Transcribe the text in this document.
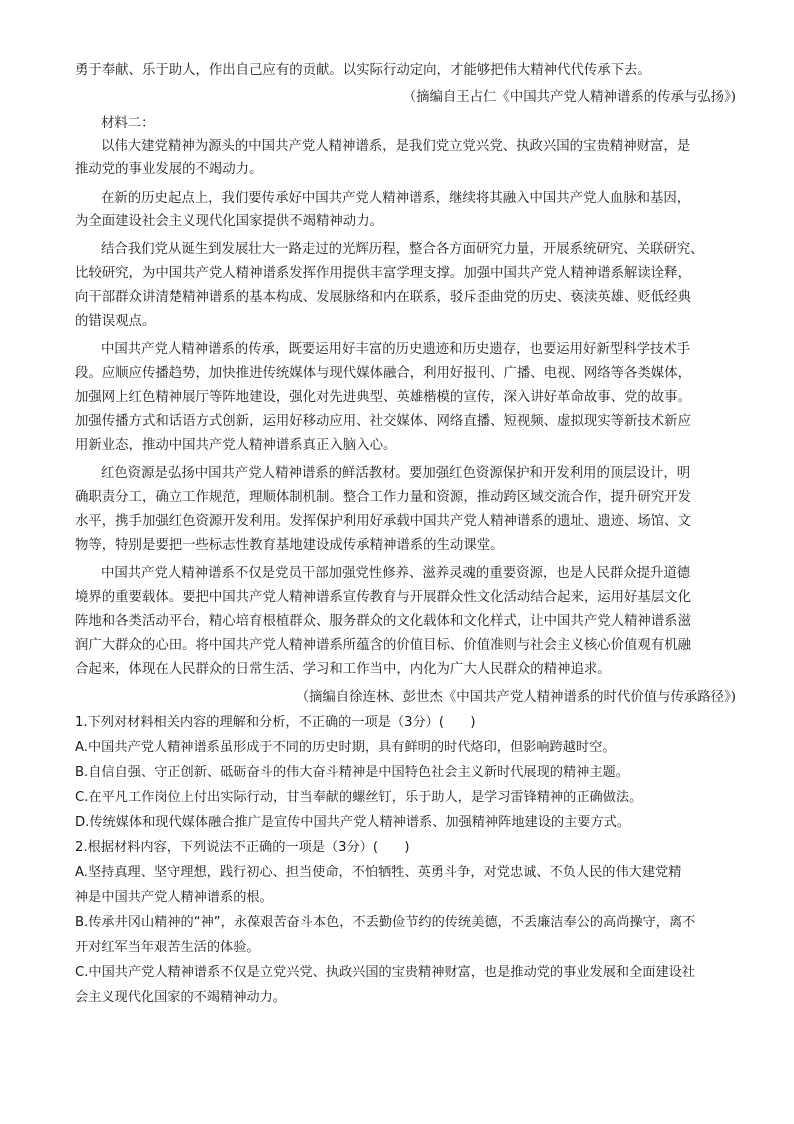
勇于奉献、乐于助人，作出自己应有的贡献。以实际行动定向，才能够把伟大精神代代传承下去。
（摘编自王占仁《中国共产党人精神谱系的传承与弘扬》)
材料二：
以伟大建党精神为源头的中国共产党人精神谱系，是我们党立党兴党、执政兴国的宝贵精神财富，是
推动党的事业发展的不竭动力。
在新的历史起点上，我们要传承好中国共产党人精神谱系，继续将其融入中国共产党人血脉和基因，
为全面建设社会主义现代化国家提供不竭精神动力。
结合我们党从诞生到发展壮大一路走过的光辉历程，整合各方面研究力量，开展系统研究、关联研究、
比较研究，为中国共产党人精神谱系发挥作用提供丰富学理支撑。加强中国共产党人精神谱系解读诠释，
向干部群众讲清楚精神谱系的基本构成、发展脉络和内在联系，驳斥歪曲党的历史、亵渎英雄、贬低经典
的错误观点。
中国共产党人精神谱系的传承，既要运用好丰富的历史遗迹和历史遗存，也要运用好新型科学技术手
段。应顺应传播趋势，加快推进传统媒体与现代媒体融合，利用好报刊、广播、电视、网络等各类媒体，
加强网上红色精神展厅等阵地建设，强化对先进典型、英雄楷模的宣传，深入讲好革命故事、党的故事。
加强传播方式和话语方式创新，运用好移动应用、社交媒体、网络直播、短视频、虚拟现实等新技术新应
用新业态，推动中国共产党人精神谱系真正入脑入心。
红色资源是弘扬中国共产党人精神谱系的鲜活教材。要加强红色资源保护和开发利用的顶层设计，明
确职责分工，确立工作规范，理顺体制机制。整合工作力量和资源，推动跨区域交流合作，提升研究开发
水平，携手加强红色资源开发利用。发挥保护利用好承载中国共产党人精神谱系的遗址、遗迹、场馆、文
物等，特别是要把一些标志性教育基地建设成传承精神谱系的生动课堂。
中国共产党人精神谱系不仅是党员干部加强党性修养、滋养灵魂的重要资源，也是人民群众提升道德
境界的重要载体。要把中国共产党人精神谱系宣传教育与开展群众性文化活动结合起来，运用好基层文化
阵地和各类活动平台，精心培育根植群众、服务群众的文化载体和文化样式，让中国共产党人精神谱系滋
润广大群众的心田。将中国共产党人精神谱系所蕴含的价值目标、价值准则与社会主义核心价值观有机融
合起来，体现在人民群众的日常生活、学习和工作当中，内化为广大人民群众的精神追求。
（摘编自徐连林、彭世杰《中国共产党人精神谱系的时代价值与传承路径》)
1.下列对材料相关内容的理解和分析，不正确的一项是（3分）(　　)
A.中国共产党人精神谱系虽形成于不同的历史时期，具有鲜明的时代烙印，但影响跨越时空。
B.自信自强、守正创新、砥砺奋斗的伟大奋斗精神是中国特色社会主义新时代展现的精神主题。
C.在平凡工作岗位上付出实际行动，甘当奉献的螺丝钉，乐于助人，是学习雷锋精神的正确做法。
D.传统媒体和现代媒体融合推广是宣传中国共产党人精神谱系、加强精神阵地建设的主要方式。
2.根据材料内容，下列说法不正确的一项是（3分）(　　)
A.坚持真理、坚守理想，践行初心、担当使命，不怕牺牲、英勇斗争，对党忠诚、不负人民的伟大建党精
神是中国共产党人精神谱系的根。
B.传承井冈山精神的“神”，永葆艰苦奋斗本色，不丢勤俭节约的传统美德，不丢廉洁奉公的高尚操守，离不
开对红军当年艰苦生活的体验。
C.中国共产党人精神谱系不仅是立党兴党、执政兴国的宝贵精神财富，也是推动党的事业发展和全面建设社
会主义现代化国家的不竭精神动力。
